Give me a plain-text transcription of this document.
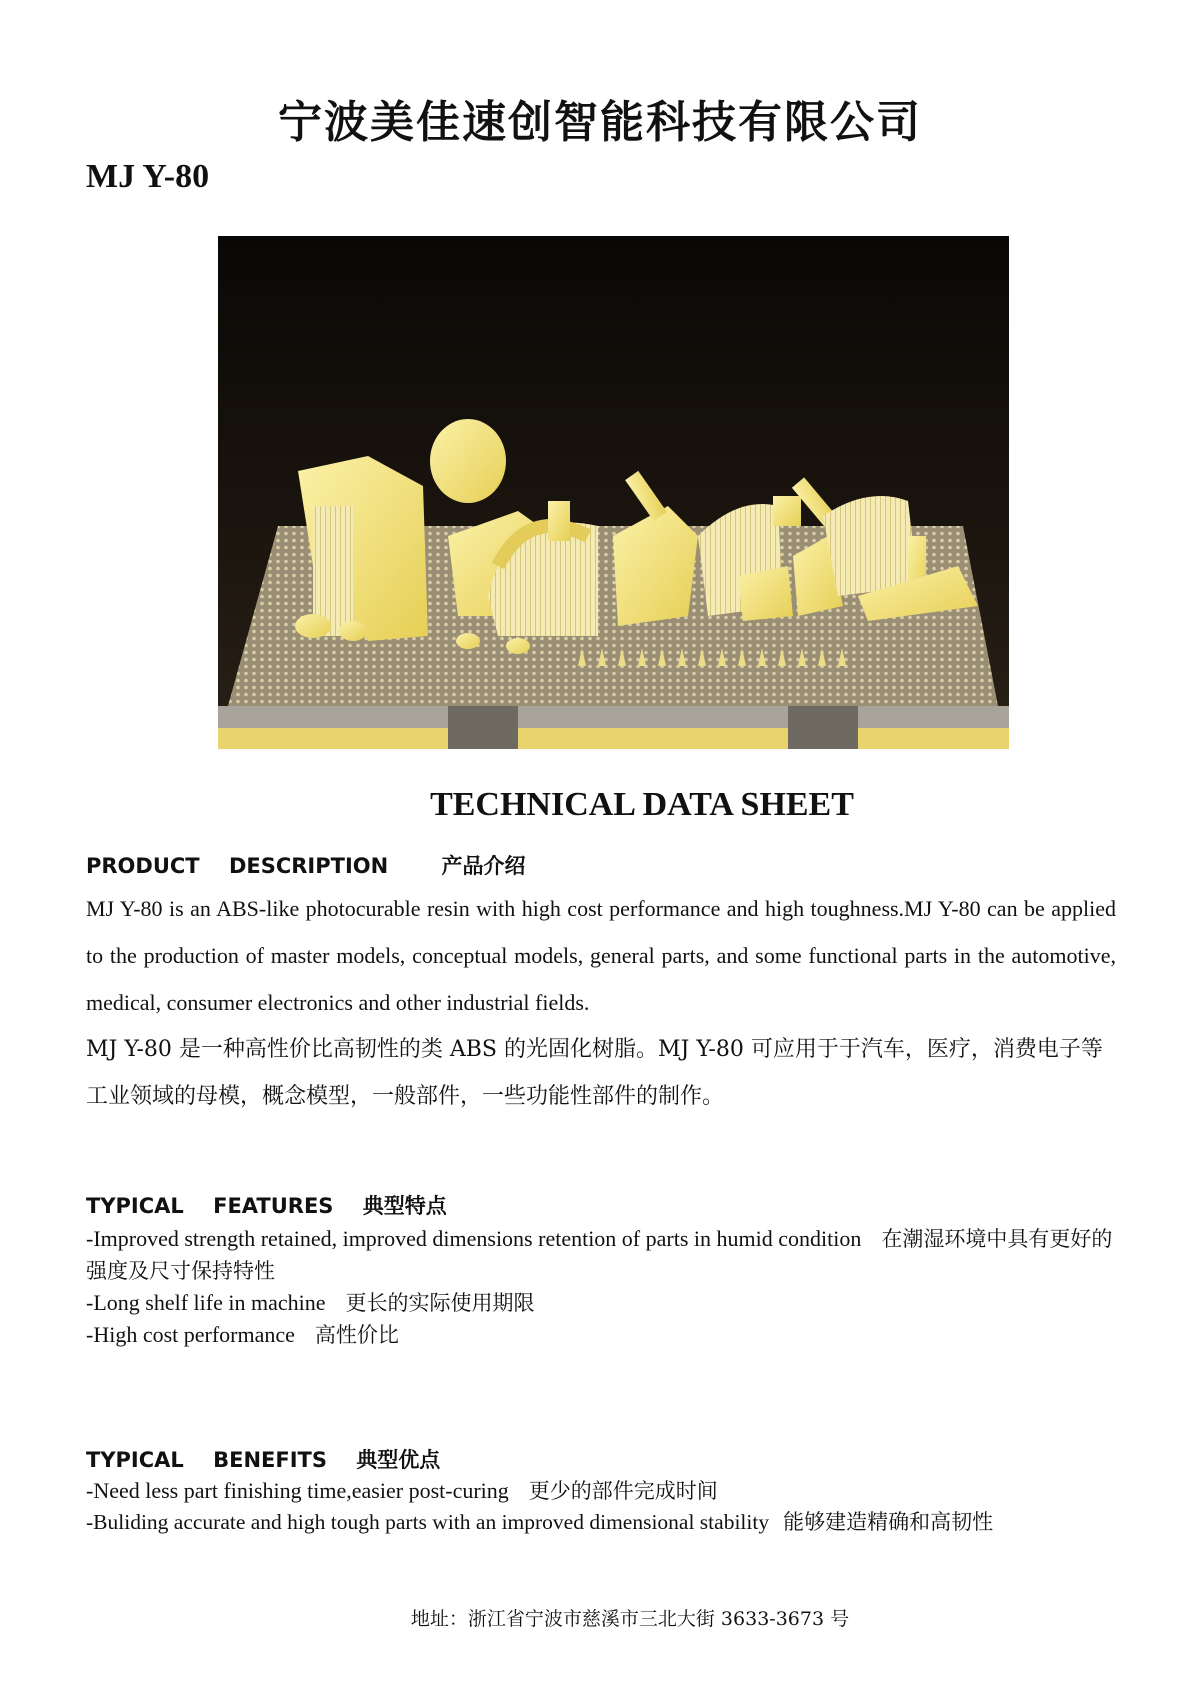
宁波美佳速创智能科技有限公司
MJ Y-80
TECHNICAL DATA SHEET
PRODUCT DESCRIPTION	产品介绍
MJ Y-80 is an ABS-like photocurable resin with high cost performance and high toughness.MJ Y-80 can be applied to the production of master models, conceptual models, general parts, and some functional parts in the automotive, medical, consumer electronics and other industrial fields.
MJ Y-80 是一种高性价比高韧性的类 ABS 的光固化树脂。MJ Y-80 可应用于于汽车，医疗，消费电子等工业领域的母模，概念模型，一般部件，一些功能性部件的制作。
TYPICAL FEATURES 典型特点
-Improved strength retained, improved dimensions retention of parts in humid condition 在潮湿环境中具有更好的强度及尺寸保持特性
-Long shelf life in machine 更长的实际使用期限
-High cost performance 高性价比
TYPICAL BENEFITS 典型优点
-Need less part finishing time,easier post-curing 更少的部件完成时间
-Buliding accurate and high tough parts with an improved dimensional stability 能够建造精确和高韧性
地址：浙江省宁波市慈溪市三北大街 3633-3673 号
